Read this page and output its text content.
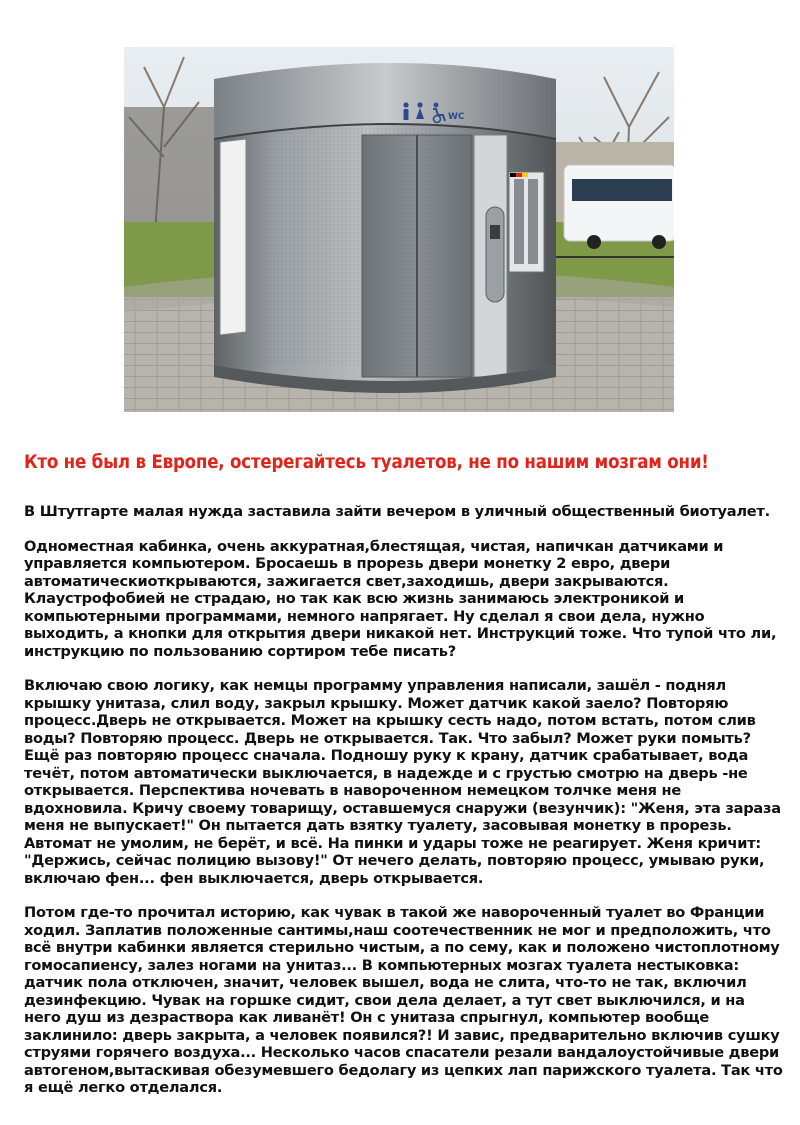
WC
Кто не был в Европе, остерегайтесь туалетов, не по нашим мозгам они!

В Штутгарте малая нужда заставила зайти вечером в уличный общественный биотуалет.

Одноместная кабинка, очень аккуратная,блестящая, чистая, напичкан датчиками и управляется компьютером. Бросаешь в прорезь двери монетку 2 евро, двери автоматическиоткрываются, зажигается свет,заходишь, двери закрываются. Клаустрофобией не страдаю, но так как всю жизнь занимаюсь электроникой и компьютерными программами, немного напрягает. Ну сделал я свои дела, нужно выходить, а кнопки для открытия двери никакой нет. Инструкций тоже. Что тупой что ли, инструкцию по пользованию сортиром тебе писать?

Включаю свою логику, как немцы программу управления написали, зашёл - поднял крышку унитаза, слил воду, закрыл крышку. Может датчик какой заело? Повторяю процесс.Дверь не открывается. Может на крышку сесть надо, потом встать, потом слив воды? Повторяю процесс. Дверь не открывается. Так. Что забыл? Может руки помыть? Ещё раз повторяю процесс сначала. Подношу руку к крану, датчик срабатывает, вода течёт, потом автоматически выключается, в надежде и с грустью смотрю на дверь -не открывается. Перспектива ночевать в навороченном немецком толчке меня не вдохновила. Кричу своему товарищу, оставшемуся снаружи (везунчик): "Женя, эта зараза меня не выпускает!" Он пытается дать взятку туалету, засовывая монетку в прорезь. Автомат не умолим, не берёт, и всё. На пинки и удары тоже не реагирует. Женя кричит: "Держись, сейчас полицию вызову!" От нечего делать, повторяю процесс, умываю руки, включаю фен... фен выключается, дверь открывается.

Потом где-то прочитал историю, как чувак в такой же навороченный туалет во Франции ходил. Заплатив положенные сантимы,наш соотечественник не мог и предположить, что всё внутри кабинки является стерильно чистым, а по сему, как и положено чистоплотному гомосапиенсу, залез ногами на унитаз... В компьютерных мозгах туалета нестыковка: датчик пола отключен, значит, человек вышел, вода не слита, что-то не так, включил дезинфекцию. Чувак на горшке сидит, свои дела делает, а тут свет выключился, и на него душ из дезраствора как ливанёт! Он с унитаза спрыгнул, компьютер вообще заклинило: дверь закрыта, а человек появился?! И завис, предварительно включив сушку струями горячего воздуха... Несколько часов спасатели резали вандалоустойчивые двери автогеном,вытаскивая обезумевшего бедолагу из цепких лап парижского туалета. Так что я ещё легко отделался.
